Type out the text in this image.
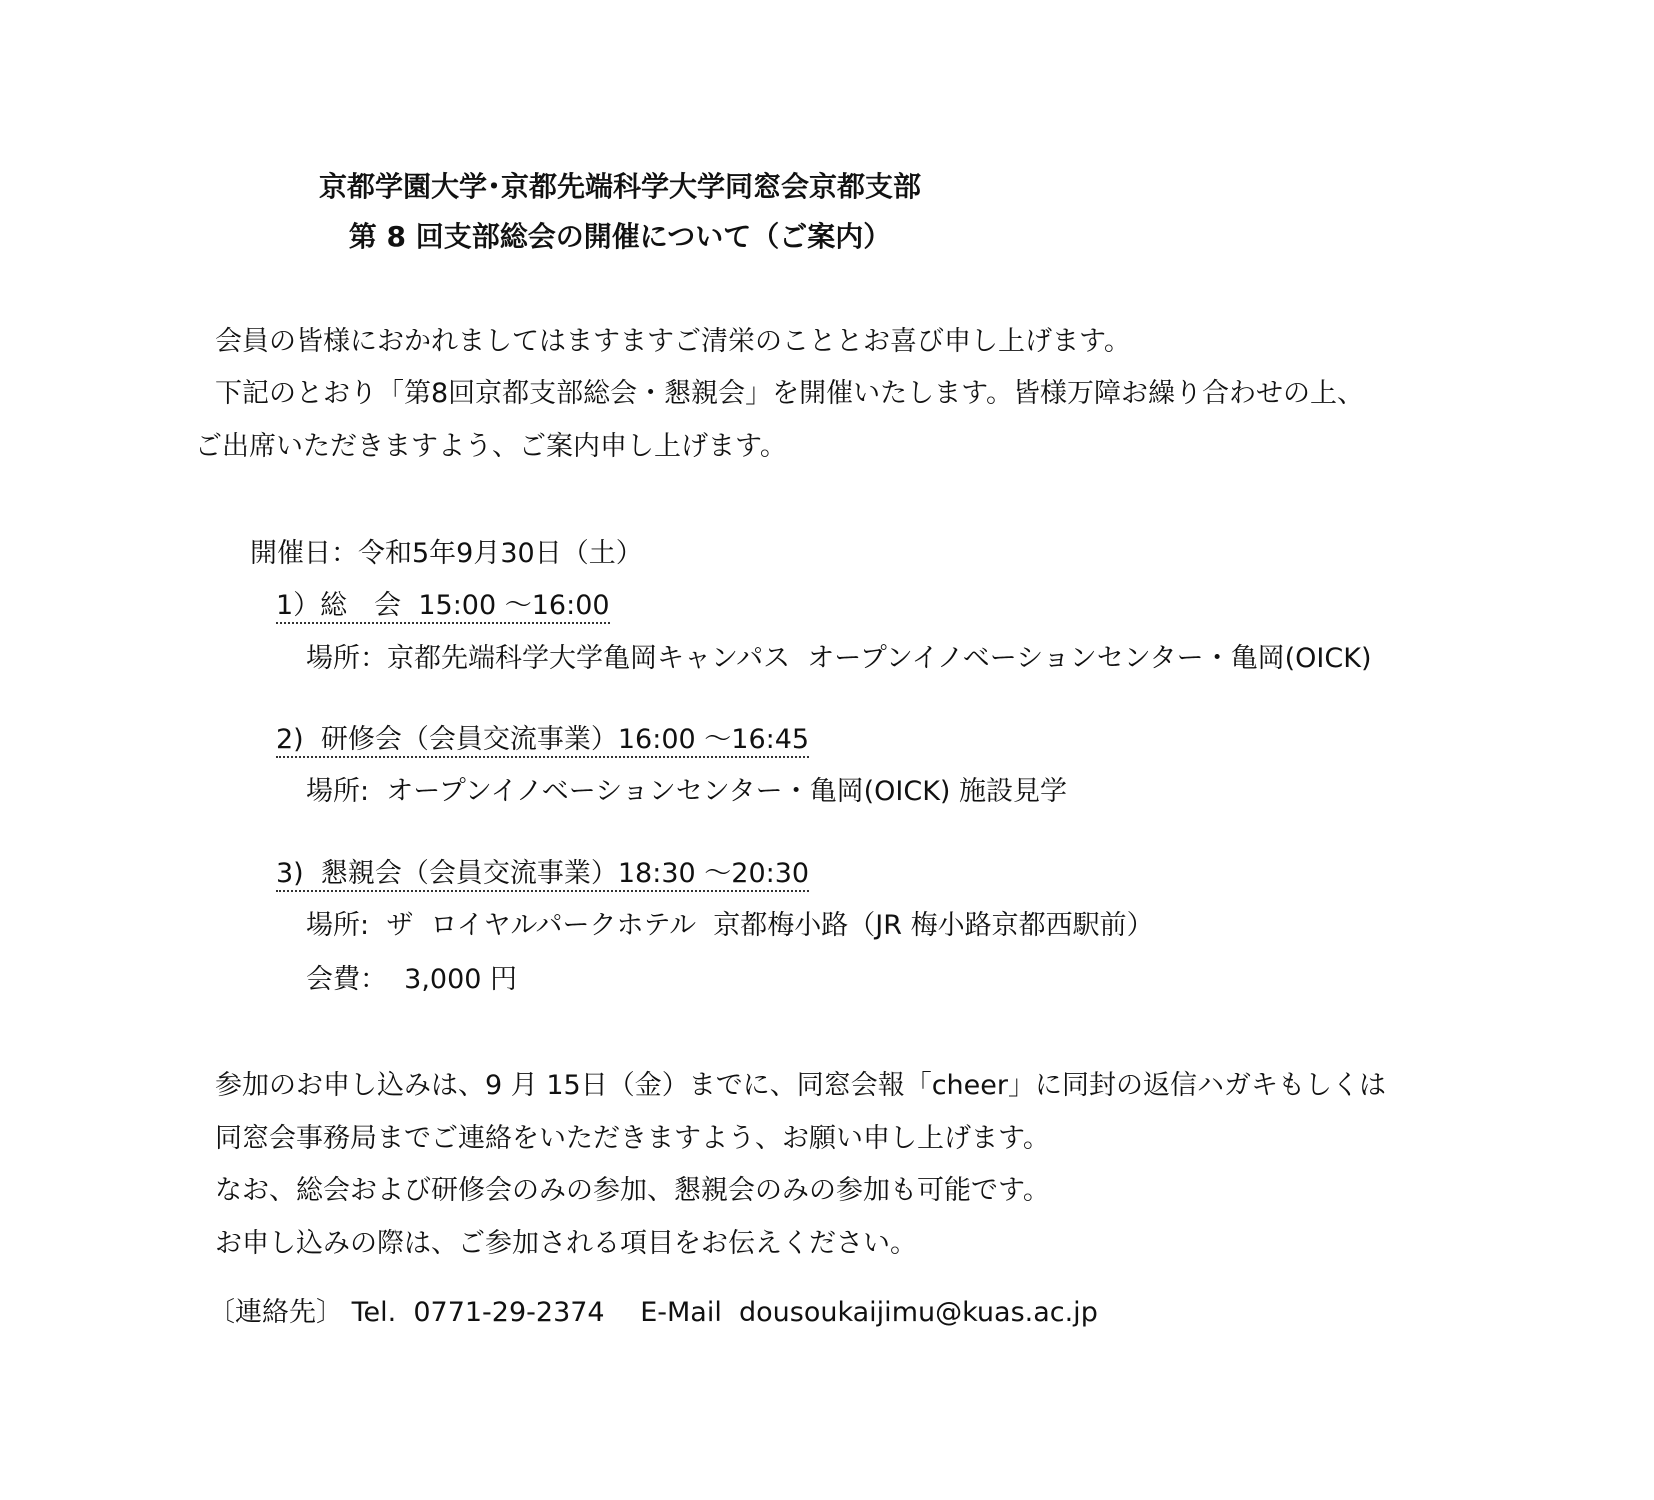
京都学園大学･京都先端科学大学同窓会京都支部
第 8 回支部総会の開催について（ご案内）
会員の皆様におかれましてはますますご清栄のこととお喜び申し上げます。
下記のとおり「第8回京都支部総会・懇親会」を開催いたします。皆様万障お繰り合わせの上、
ご出席いただきますよう、ご案内申し上げます。
開催日：令和5年9月30日（土）
1）総　会  15:00 ～16:00
場所：京都先端科学大学亀岡キャンパス  オープンイノベーションセンター・亀岡(OICK)
2)  研修会（会員交流事業）16:00 ～16:45
場所:  オープンイノベーションセンター・亀岡(OICK) 施設見学
3)  懇親会（会員交流事業）18:30 ～20:30
場所:  ザ  ロイヤルパークホテル  京都梅小路（JR 梅小路京都西駅前）
会費：  3,000 円
参加のお申し込みは、9 月 15日（金）までに、同窓会報「cheer」に同封の返信ハガキもしくは
同窓会事務局までご連絡をいただきますよう、お願い申し上げます。
なお、総会および研修会のみの参加、懇親会のみの参加も可能です。
お申し込みの際は、ご参加される項目をお伝えください。
〔連絡先〕 Tel.  0771-29-2374　 E-Mail  dousoukaijimu@kuas.ac.jp
